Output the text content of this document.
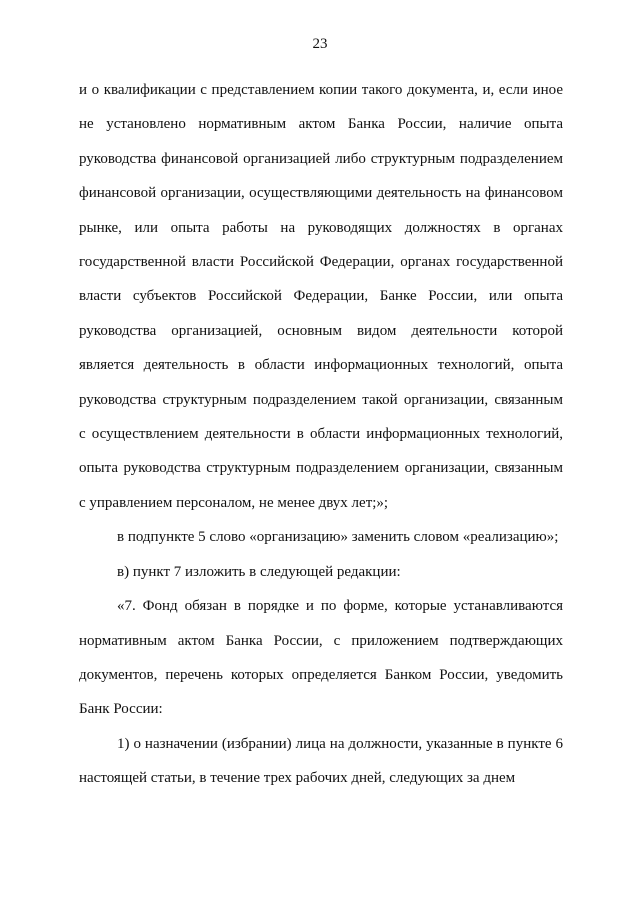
23
и о квалификации с представлением копии такого документа, и, если иное
не установлено нормативным актом Банка России, наличие опыта
руководства финансовой организацией либо структурным подразделением
финансовой организации, осуществляющими деятельность на финансовом
рынке, или опыта работы на руководящих должностях в органах
государственной власти Российской Федерации, органах государственной
власти субъектов Российской Федерации, Банке России, или опыта
руководства организацией, основным видом деятельности которой
является деятельность в области информационных технологий, опыта
руководства структурным подразделением такой организации, связанным
с осуществлением деятельности в области информационных технологий,
опыта руководства структурным подразделением организации, связанным
с управлением персоналом, не менее двух лет;»;
в подпункте 5 слово «организацию» заменить словом «реализацию»;
в) пункт 7 изложить в следующей редакции:
«7. Фонд обязан в порядке и по форме, которые устанавливаются
нормативным актом Банка России, с приложением подтверждающих
документов, перечень которых определяется Банком России, уведомить
Банк России:
1) о назначении (избрании) лица на должности, указанные в пункте 6
настоящей статьи, в течение трех рабочих дней, следующих за днем
